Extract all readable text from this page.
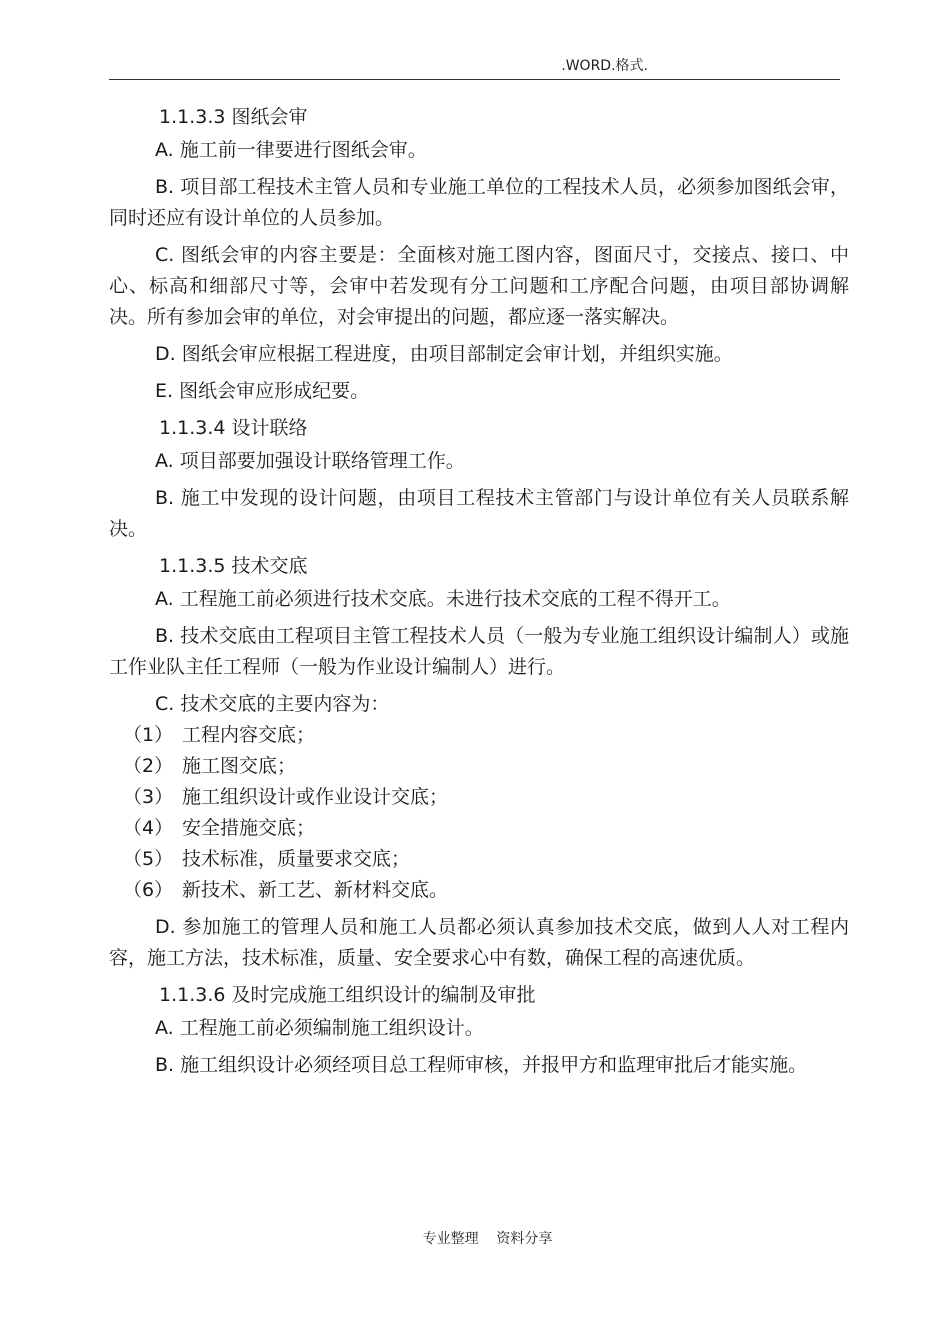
.WORD.格式.
1.1.3.3 图纸会审
A. 施工前一律要进行图纸会审。
B. 项目部工程技术主管人员和专业施工单位的工程技术人员，必须参加图纸会审，同时还应有设计单位的人员参加。
C. 图纸会审的内容主要是：全面核对施工图内容，图面尺寸，交接点、接口、中心、标高和细部尺寸等，会审中若发现有分工问题和工序配合问题，由项目部协调解决。所有参加会审的单位，对会审提出的问题，都应逐一落实解决。
D. 图纸会审应根据工程进度，由项目部制定会审计划，并组织实施。
E. 图纸会审应形成纪要。
1.1.3.4 设计联络
A. 项目部要加强设计联络管理工作。
B. 施工中发现的设计问题，由项目工程技术主管部门与设计单位有关人员联系解决。
1.1.3.5 技术交底
A. 工程施工前必须进行技术交底。未进行技术交底的工程不得开工。
B. 技术交底由工程项目主管工程技术人员（一般为专业施工组织设计编制人）或施工作业队主任工程师（一般为作业设计编制人）进行。
C. 技术交底的主要内容为：
（1） 工程内容交底；
（2） 施工图交底；
（3） 施工组织设计或作业设计交底；
（4） 安全措施交底；
（5） 技术标准，质量要求交底；
（6） 新技术、新工艺、新材料交底。
D. 参加施工的管理人员和施工人员都必须认真参加技术交底，做到人人对工程内容，施工方法，技术标准，质量、安全要求心中有数，确保工程的高速优质。
1.1.3.6 及时完成施工组织设计的编制及审批
A. 工程施工前必须编制施工组织设计。
B. 施工组织设计必须经项目总工程师审核，并报甲方和监理审批后才能实施。
专业整理    资料分享
